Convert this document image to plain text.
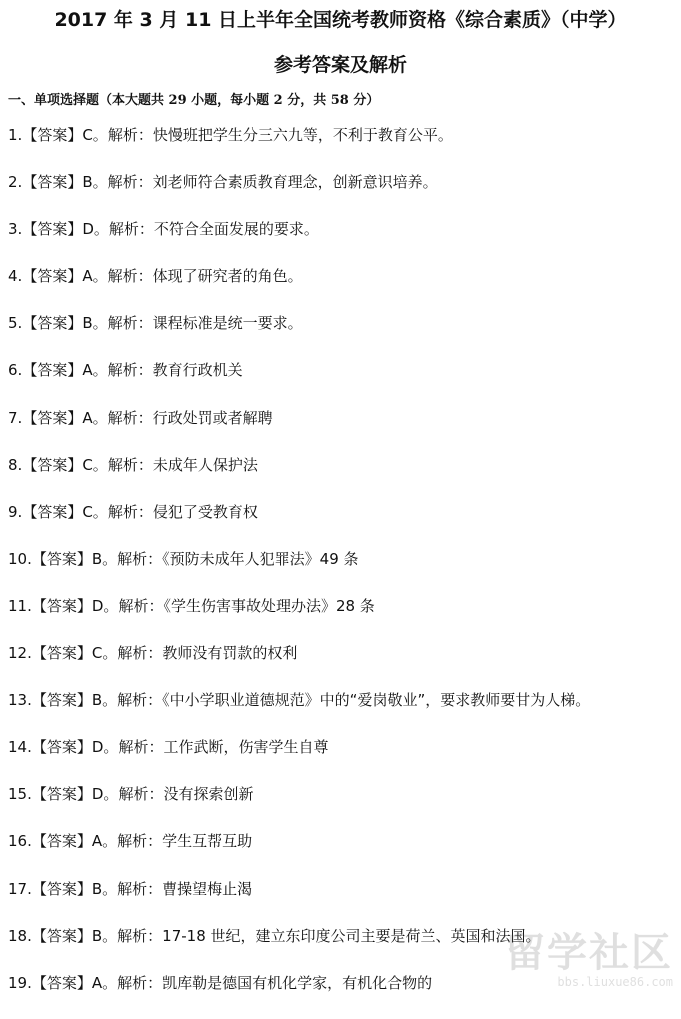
2017 年 3 月 11 日上半年全国统考教师资格《综合素质》（中学）
参考答案及解析
一、单项选择题（本大题共 29 小题，每小题 2 分，共 58 分）
1.【答案】C。解析：快慢班把学生分三六九等，不利于教育公平。
2.【答案】B。解析：刘老师符合素质教育理念，创新意识培养。
3.【答案】D。解析：不符合全面发展的要求。
4.【答案】A。解析：体现了研究者的角色。
5.【答案】B。解析：课程标准是统一要求。
6.【答案】A。解析：教育行政机关
7.【答案】A。解析：行政处罚或者解聘
8.【答案】C。解析：未成年人保护法
9.【答案】C。解析：侵犯了受教育权
10.【答案】B。解析：《预防未成年人犯罪法》49 条
11.【答案】D。解析：《学生伤害事故处理办法》28 条
12.【答案】C。解析：教师没有罚款的权利
13.【答案】B。解析：《中小学职业道德规范》中的“爱岗敬业”，要求教师要甘为人梯。
14.【答案】D。解析：工作武断，伤害学生自尊
15.【答案】D。解析：没有探索创新
16.【答案】A。解析：学生互帮互助
17.【答案】B。解析：曹操望梅止渴
18.【答案】B。解析：17-18 世纪，建立东印度公司主要是荷兰、英国和法国。
19.【答案】A。解析：凯库勒是德国有机化学家，有机化合物的
留学社区
bbs.liuxue86.com
